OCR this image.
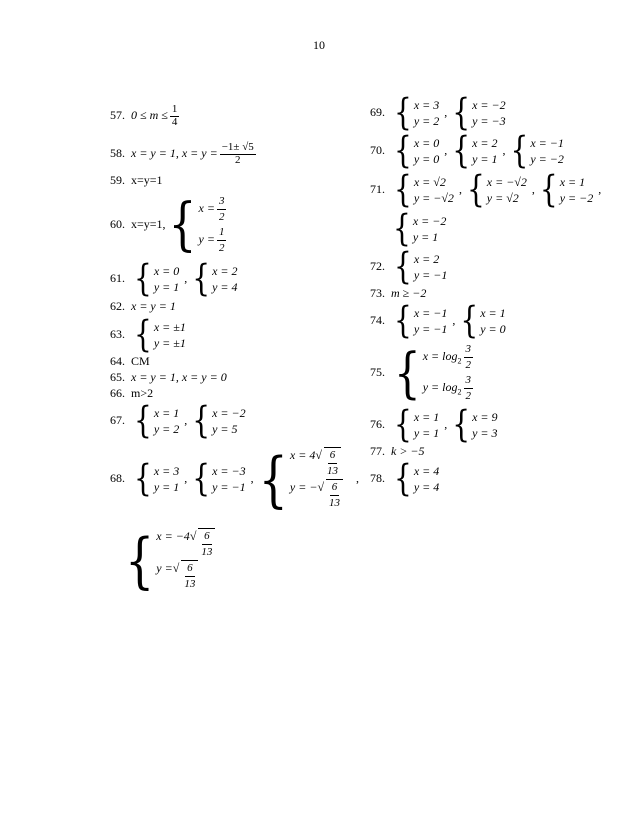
10
57. $0 \le m \le \frac{1}{4}$
58. x = y = 1, $x = y = \frac{-1\pm √5}{2}$
59. x=y=1
60. x=y=1, { $x = \frac{3}{2}$
$y = \frac{1}{2}$
61. { x = 0
y = 1
, { x = 2
y = 4
62. x = y = 1
63. { x = ±1
y = ±1
64. CM
65. x = y = 1, x = y = 0
66. m>2
67. { x = 1
y = 2
, { x = −2
y = 5
68. { x = 3
y = 1
, { x = −3
y = −1
, { $x = 4√ \frac{6}{13}$
y = −√ $\frac{6}{13}$
,
{ $x = -4√ \frac{6}{13}$
y =√ $\frac{6}{13}$
69. { x = 3
y = 2
, { x = −2
y = −3
70. { x = 0
y = 0
, { x = 2
y = 1
, { x = −1
y = −2
71. { x = √2
y = −√2
, { x = −√2
y = √2
, { x = 1
y = −2
,
{ x = −2
y = 1
72. { x = 2
y = −1
73. m ≥ −2
74. { x = −1
y = −1
, { x = 1
y = 0
75. { $x = \log_2 \frac{3}{2}$
$y = \log_2 \frac{3}{2}$
76. { x = 1
y = 1
, { x = 9
y = 3
77. k > −5
78. { x = 4
y = 4
